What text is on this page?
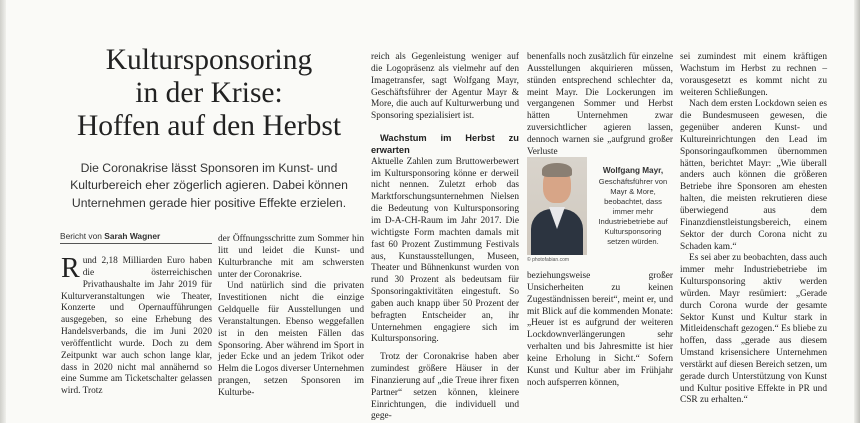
Kultursponsoring
in der Krise:
Hoffen auf den Herbst
Die Coronakrise lässt Sponsoren im Kunst- und Kulturbereich eher zögerlich agieren. Dabei können Unternehmen gerade hier positive Effekte erzielen.
Bericht von Sarah Wagner

Rund 2,18 Milliarden Euro haben die österreichischen Privathaushalte im Jahr 2019 für Kulturveranstaltungen wie Theater, Konzerte und Opernaufführungen ausgegeben, so eine Erhebung des Handelsverbands, die im Juni 2020 veröffentlicht wurde. Doch zu dem Zeitpunkt war auch schon lange klar, dass in 2020 nicht mal annähernd so eine Summe am Ticketschalter gelassen wird. Trotz

der Öffnungsschritte zum Sommer hin litt und leidet die Kunst- und Kulturbranche mit am schwersten unter der Coronakrise.

Und natürlich sind die privaten Investitionen nicht die einzige Geldquelle für Ausstellungen und Veranstaltungen. Ebenso weggefallen ist in den meisten Fällen das Sponsoring. Aber während im Sport in jeder Ecke und an jedem Trikot oder Helm die Logos diverser Unternehmen prangen, setzen Sponsoren im Kulturbe-

reich als Gegenleistung weniger auf die Logopräsenz als vielmehr auf den Imagetransfer, sagt Wolfgang Mayr, Geschäftsführer der Agentur Mayr & More, die auch auf Kulturwerbung und Sponsoring spezialisiert ist.

Wachstum im Herbst zu erwarten

Aktuelle Zahlen zum Bruttowerbewert im Kultursponsoring könne er derweil nicht nennen. Zuletzt erhob das Marktforschungsunternehmen Nielsen die Bedeutung von Kultursponsoring im D-A-CH-Raum im Jahr 2017. Die wichtigste Form machten damals mit fast 60 Prozent Zustimmung Festivals aus, Kunstausstellungen, Museen, Theater und Bühnenkunst wurden von rund 30 Prozent als bedeutsam für Sponsoringaktivitäten eingestuft. So gaben auch knapp über 50 Prozent der befragten Entscheider an, ihr Unternehmen engagiere sich im Kultursponsoring.

Trotz der Coronakrise haben aber zumindest größere Häuser in der Finanzierung auf „die Treue ihrer fixen Partner“ setzen können, kleinere Einrichtungen, die individuell und gege-

benenfalls noch zusätzlich für einzelne Ausstellungen akquirieren müssen, stünden entsprechend schlechter da, meint Mayr. Die Lockerungen im vergangenen Sommer und Herbst hätten Unternehmen zwar zuversichtlicher agieren lassen, dennoch warnen sie „aufgrund großer Verluste

Wolfgang Mayr,
Geschäftsführer von Mayr & More, beobachtet, dass immer mehr Industriebetriebe auf Kultursponsoring setzen würden.
© photofabian.com

beziehungsweise großer Unsicherheiten zu keinen Zugeständnissen bereit“, meint er, und mit Blick auf die kommenden Monate: „Heuer ist es aufgrund der weiteren Lockdownverlängerungen sehr verhalten und bis Jahresmitte ist hier keine Erholung in Sicht.“ Sofern Kunst und Kultur aber im Frühjahr noch aufsperren können,

sei zumindest mit einem kräftigen Wachstum im Herbst zu rechnen – vorausgesetzt es kommt nicht zu weiteren Schließungen.

Nach dem ersten Lockdown seien es die Bundesmuseen gewesen, die gegenüber anderen Kunst- und Kultureinrichtungen den Lead im Sponsoringaufkommen übernommen hätten, berichtet Mayr: „Wie überall anders auch können die größeren Betriebe ihre Sponsoren am ehesten halten, die meisten rekrutieren diese überwiegend aus dem Finanzdienstleistungsbereich, einem Sektor der durch Corona nicht zu Schaden kam.“

Es sei aber zu beobachten, dass auch immer mehr Industriebetriebe im Kultursponsoring aktiv werden würden. Mayr resümiert: „Gerade durch Corona wurde der gesamte Sektor Kunst und Kultur stark in Mitleidenschaft gezogen.“ Es bliebe zu hoffen, dass „gerade aus diesem Umstand krisensichere Unternehmen verstärkt auf diesen Bereich setzen, um gerade durch Unterstützung von Kunst und Kultur positive Effekte in PR und CSR zu erhalten.“
